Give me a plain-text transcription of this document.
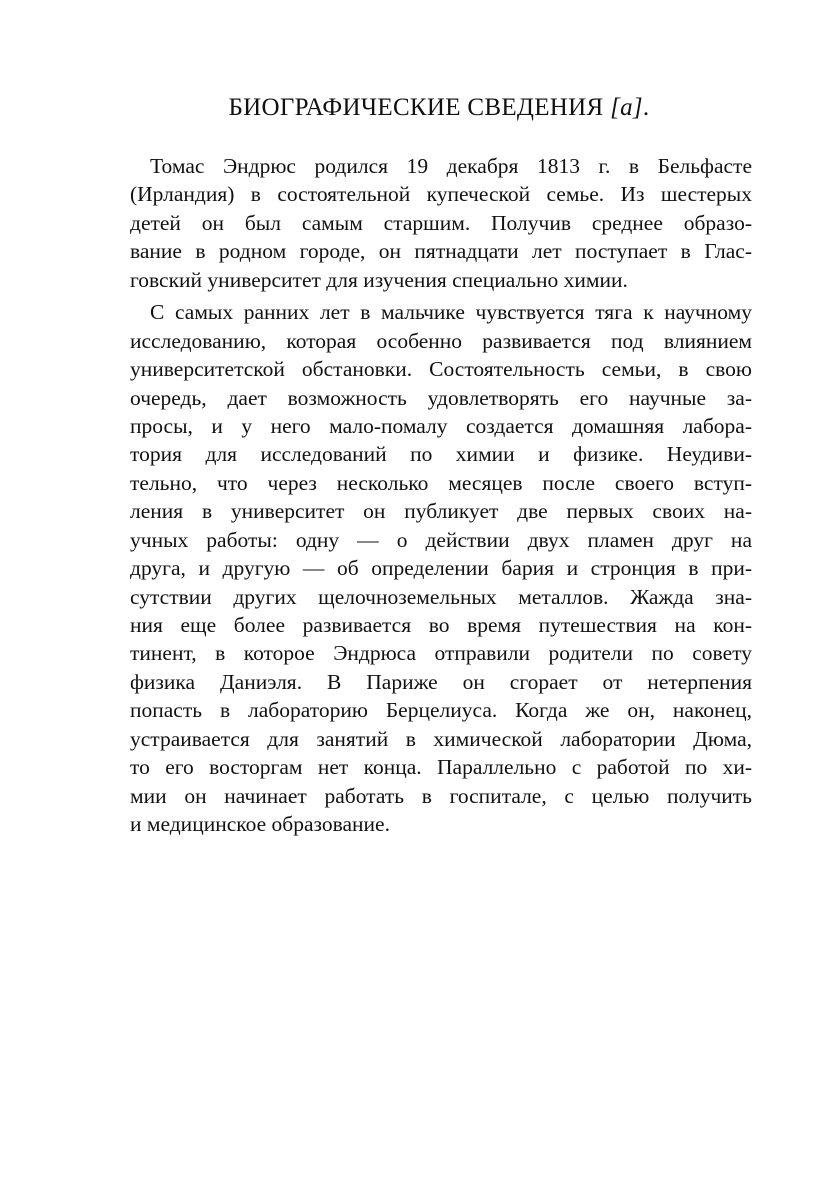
БИОГРАФИЧЕСКИЕ СВЕДЕНИЯ [a].
Томас Эндрюс родился 19 декабря 1813 г. в Бельфасте
(Ирландия) в состоятельной купеческой семье. Из шестерых
детей он был самым старшим. Получив среднее образо-
вание в родном городе, он пятнадцати лет поступает в Глас-
говский университет для изучения специально химии.
С самых ранних лет в мальчике чувствуется тяга к научному
исследованию, которая особенно развивается под влиянием
университетской обстановки. Состоятельность семьи, в свою
очередь, дает возможность удовлетворять его научные за-
просы, и у него мало-помалу создается домашняя лабора-
тория для исследований по химии и физике. Неудиви-
тельно, что через несколько месяцев после своего вступ-
ления в университет он публикует две первых своих на-
учных работы: одну — о действии двух пламен друг на
друга, и другую — об определении бария и стронция в при-
сутствии других щелочноземельных металлов. Жажда зна-
ния еще более развивается во время путешествия на кон-
тинент, в которое Эндрюса отправили родители по совету
физика Даниэля. В Париже он сгорает от нетерпения
попасть в лабораторию Берцелиуса. Когда же он, наконец,
устраивается для занятий в химической лаборатории Дюма,
то его восторгам нет конца. Параллельно с работой по хи-
мии он начинает работать в госпитале, с целью получить
и медицинское образование.
